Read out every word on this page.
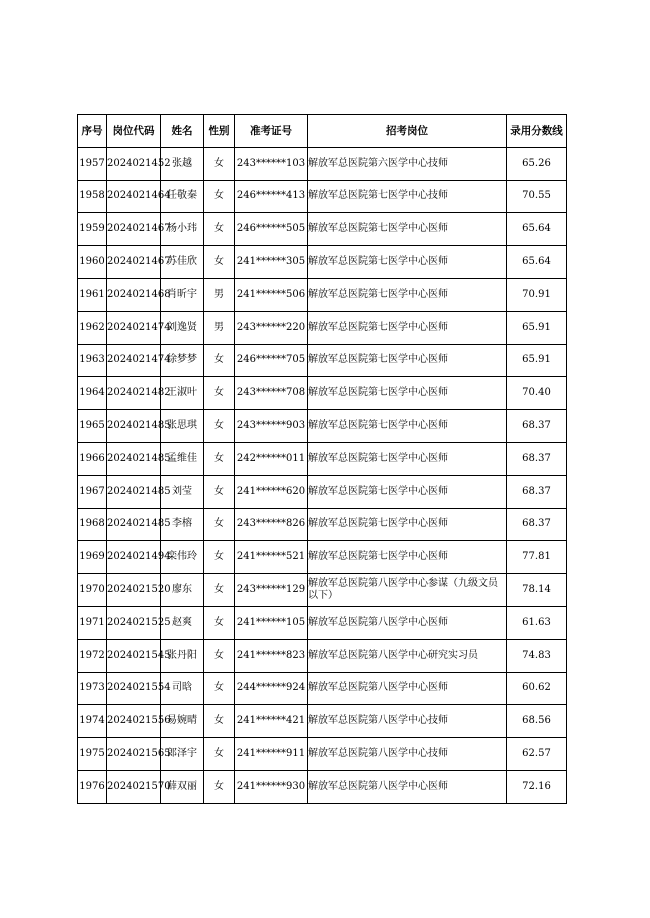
序号	岗位代码	姓名	性别	准考证号	招考岗位	录用分数线
1957	2024021452	张越	女	243******103	解放军总医院第六医学中心技师	65.26
1958	2024021464	任敬秦	女	246******413	解放军总医院第七医学中心技师	70.55
1959	2024021467	杨小玮	女	246******505	解放军总医院第七医学中心医师	65.64
1960	2024021467	苏佳欣	女	241******305	解放军总医院第七医学中心医师	65.64
1961	2024021468	肖昕宇	男	241******506	解放军总医院第七医学中心医师	70.91
1962	2024021474	刘逸贤	男	243******220	解放军总医院第七医学中心医师	65.91
1963	2024021474	徐梦梦	女	246******705	解放军总医院第七医学中心医师	65.91
1964	2024021482	王淑叶	女	243******708	解放军总医院第七医学中心医师	70.40
1965	2024021485	张思琪	女	243******903	解放军总医院第七医学中心医师	68.37
1966	2024021485	孟维佳	女	242******011	解放军总医院第七医学中心医师	68.37
1967	2024021485	刘莹	女	241******620	解放军总医院第七医学中心医师	68.37
1968	2024021485	李榕	女	243******826	解放军总医院第七医学中心医师	68.37
1969	2024021494	栾伟玲	女	241******521	解放军总医院第七医学中心医师	77.81
1970	2024021520	廖东	女	243******129	解放军总医院第八医学中心参谋（九级文员以下）	78.14
1971	2024021525	赵爽	女	241******105	解放军总医院第八医学中心医师	61.63
1972	2024021545	张丹阳	女	241******823	解放军总医院第八医学中心研究实习员	74.83
1973	2024021554	司晗	女	244******924	解放军总医院第八医学中心医师	60.62
1974	2024021556	易婉晴	女	241******421	解放军总医院第八医学中心技师	68.56
1975	2024021565	郎泽宇	女	241******911	解放军总医院第八医学中心技师	62.57
1976	2024021570	薛双丽	女	241******930	解放军总医院第八医学中心医师	72.16
